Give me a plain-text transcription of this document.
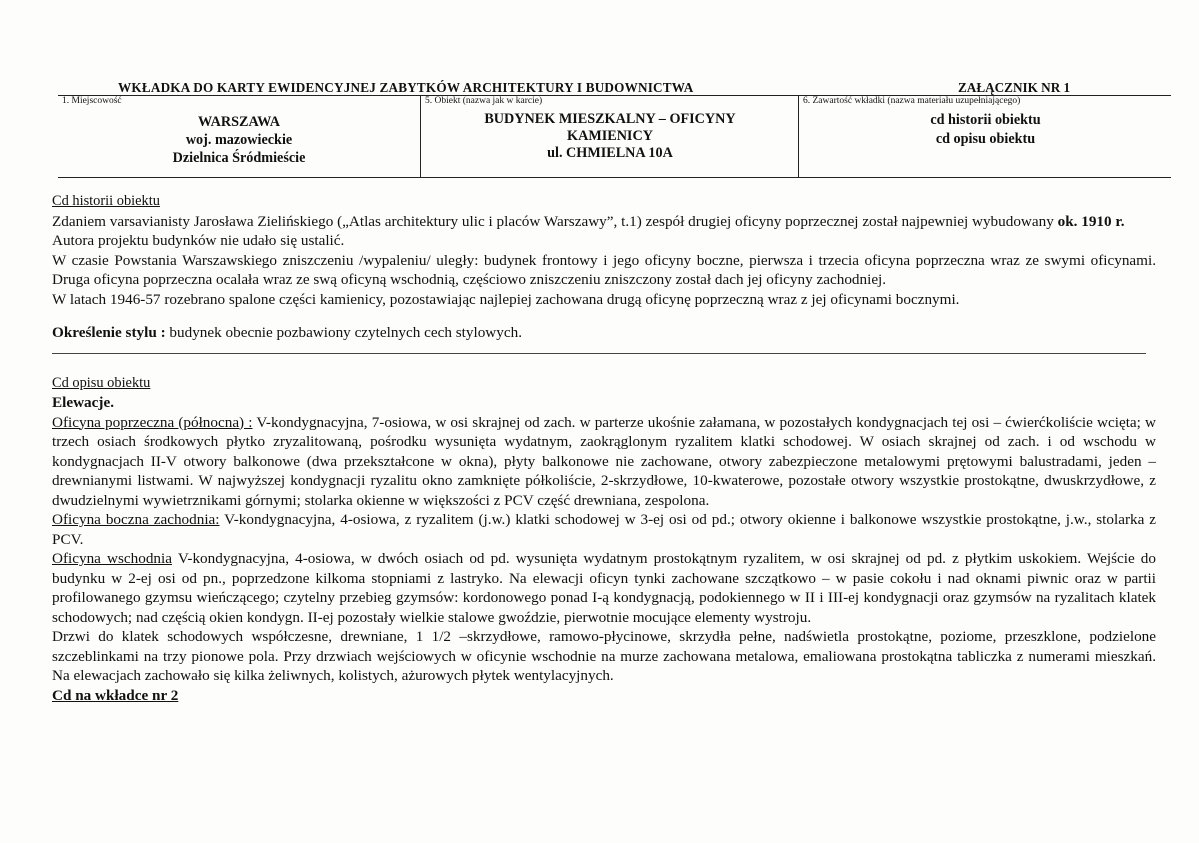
WKŁADKA DO KARTY EWIDENCYJNEJ ZABYTKÓW ARCHITEKTURY I BUDOWNICTWA	ZAŁĄCZNIK NR 1
1. Miejscowość
WARSZAWA
woj. mazowieckie
Dzielnica Śródmieście
5. Obiekt (nazwa jak w karcie)
BUDYNEK MIESZKALNY – OFICYNY
KAMIENICY
ul. CHMIELNA 10A
6. Zawartość wkładki (nazwa materiału uzupełniającego)
cd historii obiektu
cd opisu obiektu
Cd historii obiektu

Zdaniem varsavianisty Jarosława Zielińskiego („Atlas architektury ulic i placów Warszawy”, t.1) zespół drugiej oficyny poprzecznej został najpewniej wybudowany ok. 1910 r.

Autora projektu budynków nie udało się ustalić.

W czasie Powstania Warszawskiego zniszczeniu /wypaleniu/ uległy: budynek frontowy i jego oficyny boczne, pierwsza i trzecia oficyna poprzeczna wraz ze swymi oficynami. Druga oficyna poprzeczna ocalała wraz ze swą oficyną wschodnią, częściowo zniszczeniu zniszczony został dach jej oficyny zachodniej.

W latach 1946-57 rozebrano spalone części kamienicy, pozostawiając najlepiej zachowana drugą oficynę poprzeczną wraz z jej oficynami bocznymi.

Określenie stylu : budynek obecnie pozbawiony czytelnych cech stylowych.

Cd opisu obiektu
Elewacje.

Oficyna poprzeczna (północna) : V-kondygnacyjna, 7-osiowa, w osi skrajnej od zach. w parterze ukośnie załamana, w pozostałych kondygnacjach tej osi – ćwierćkoliście wcięta; w trzech osiach środkowych płytko zryzalitowaną, pośrodku wysunięta wydatnym, zaokrąglonym ryzalitem klatki schodowej. W osiach skrajnej od zach. i od wschodu w kondygnacjach II-V otwory balkonowe (dwa przekształcone w okna), płyty balkonowe nie zachowane, otwory zabezpieczone metalowymi prętowymi balustradami, jeden – drewnianymi listwami. W najwyższej kondygnacji ryzalitu okno zamknięte półkoliście, 2-skrzydłowe, 10-kwaterowe, pozostałe otwory wszystkie prostokątne, dwuskrzydłowe, z dwudzielnymi wywietrznikami górnymi; stolarka okienne w większości z PCV część drewniana, zespolona.

Oficyna boczna zachodnia: V-kondygnacyjna, 4-osiowa, z ryzalitem (j.w.) klatki schodowej w 3-ej osi od pd.; otwory okienne i balkonowe wszystkie prostokątne, j.w., stolarka z PCV.

Oficyna wschodnia V-kondygnacyjna, 4-osiowa, w dwóch osiach od pd. wysunięta wydatnym prostokątnym ryzalitem, w osi skrajnej od pd. z płytkim uskokiem. Wejście do budynku w 2-ej osi od pn., poprzedzone kilkoma stopniami z lastryko. Na elewacji oficyn tynki zachowane szczątkowo – w pasie cokołu i nad oknami piwnic oraz w partii profilowanego gzymsu wieńczącego; czytelny przebieg gzymsów: kordonowego ponad I-ą kondygnacją, podokiennego w II i III-ej kondygnacji oraz gzymsów na ryzalitach klatek schodowych; nad częścią okien kondygn. II-ej pozostały wielkie stalowe gwoździe, pierwotnie mocujące elementy wystroju.

Drzwi do klatek schodowych współczesne, drewniane, 1 1/2 –skrzydłowe, ramowo-płycinowe, skrzydła pełne, nadświetla prostokątne, poziome, przeszklone, podzielone szczeblinkami na trzy pionowe pola. Przy drzwiach wejściowych w oficynie wschodnie na murze zachowana metalowa, emaliowana prostokątna tabliczka z numerami mieszkań. Na elewacjach zachowało się kilka żeliwnych, kolistych, ażurowych płytek wentylacyjnych.

Cd na wkładce nr 2
